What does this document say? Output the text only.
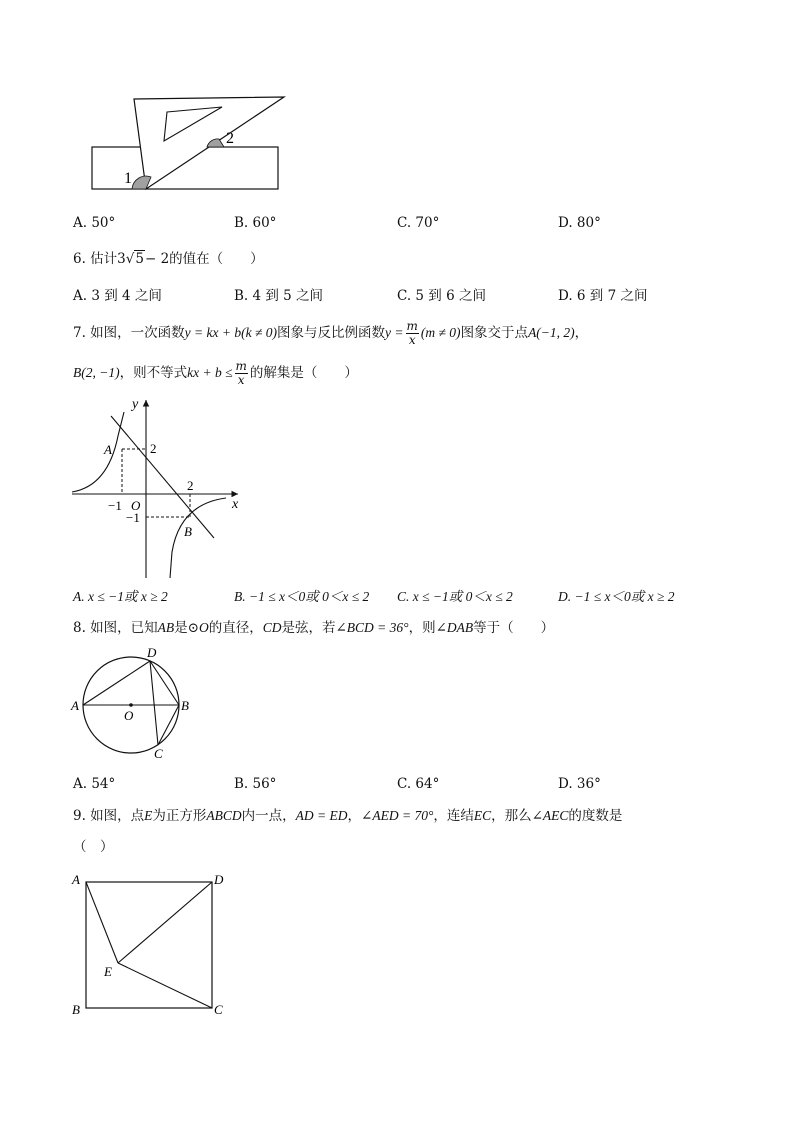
1
2
A. 50°	B. 60°	C. 70°	D. 80°
6. 估计3√5− 2的值在（　　）
A. 3 到 4 之间	B. 4 到 5 之间	C. 5 到 6 之间	D. 6 到 7 之间
7. 如图，一次函数y = kx + b(k ≠ 0)图象与反比例函数$y = \frac{m}{x} (m \ne 0)$图象交于点A(−1, 2)，
B(2, −1)，则不等式kx + $b \le \frac{m}{x}$ 的解集是（　　）
y
x
A
B
O
2
2
−1
−1
A. x ≤ −1或 x ≥ 2	B. −1 ≤ x＜0或 0＜x ≤ 2 C. x ≤ −1或 0＜x ≤ 2	D. −1 ≤ x＜0或 x ≥ 2
8. 如图，已知AB是⊙O的直径，CD是弦，若∠BCD = 36°，则∠DAB等于（　　）
A	B
C
D
O
A. 54°	B. 56°	C. 64°	D. 36°
9. 如图，点E为正方形ABCD内一点，AD = ED，∠AED = 70°，连结EC，那么∠AEC的度数是
（　）
A	D
B	C
E
